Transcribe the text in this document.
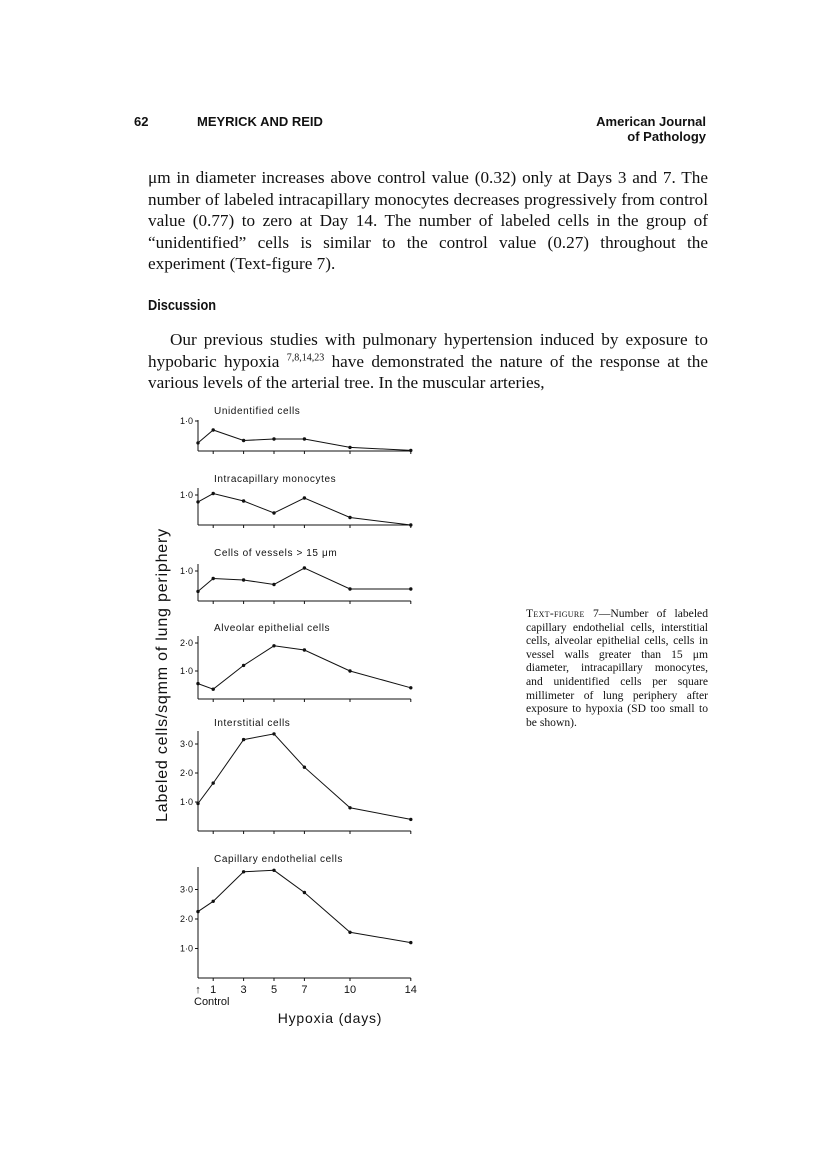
62	MEYRICK AND REID	American Journal
of Pathology

μm in diameter increases above control value (0.32) only at Days 3 and 7. The number of labeled intracapillary monocytes decreases progressively from control value (0.77) to zero at Day 14. The number of labeled cells in the group of “unidentified” cells is similar to the control value (0.27) throughout the experiment (Text-figure 7).

Discussion

Our previous studies with pulmonary hypertension induced by exposure to hypobaric hypoxia $^{7,8,14,23}$ have demonstrated the nature of the response at the various levels of the arterial tree. In the muscular arteries,

Unidentified cells
1·0
Intracapillary monocytes
1·0
Cells of vessels > 15 μm
1·0
Alveolar epithelial cells
2·0
1·0
Interstitial cells
3·0
2·0
1·0
Capillary endothelial cells
3·0
2·0
1·0
↑ 1 3 5 7	10	14
Control
Hypoxia (days)
Labeled cells/sqmm of lung periphery	Text-figure 7—Number of labeled capillary endothelial cells, interstitial cells, alveolar epithelial cells, cells in vessel walls greater than 15 μm diameter, intracapillary monocytes, and unidentified cells per square millimeter of lung periphery after exposure to hypoxia (SD too small to be shown).
